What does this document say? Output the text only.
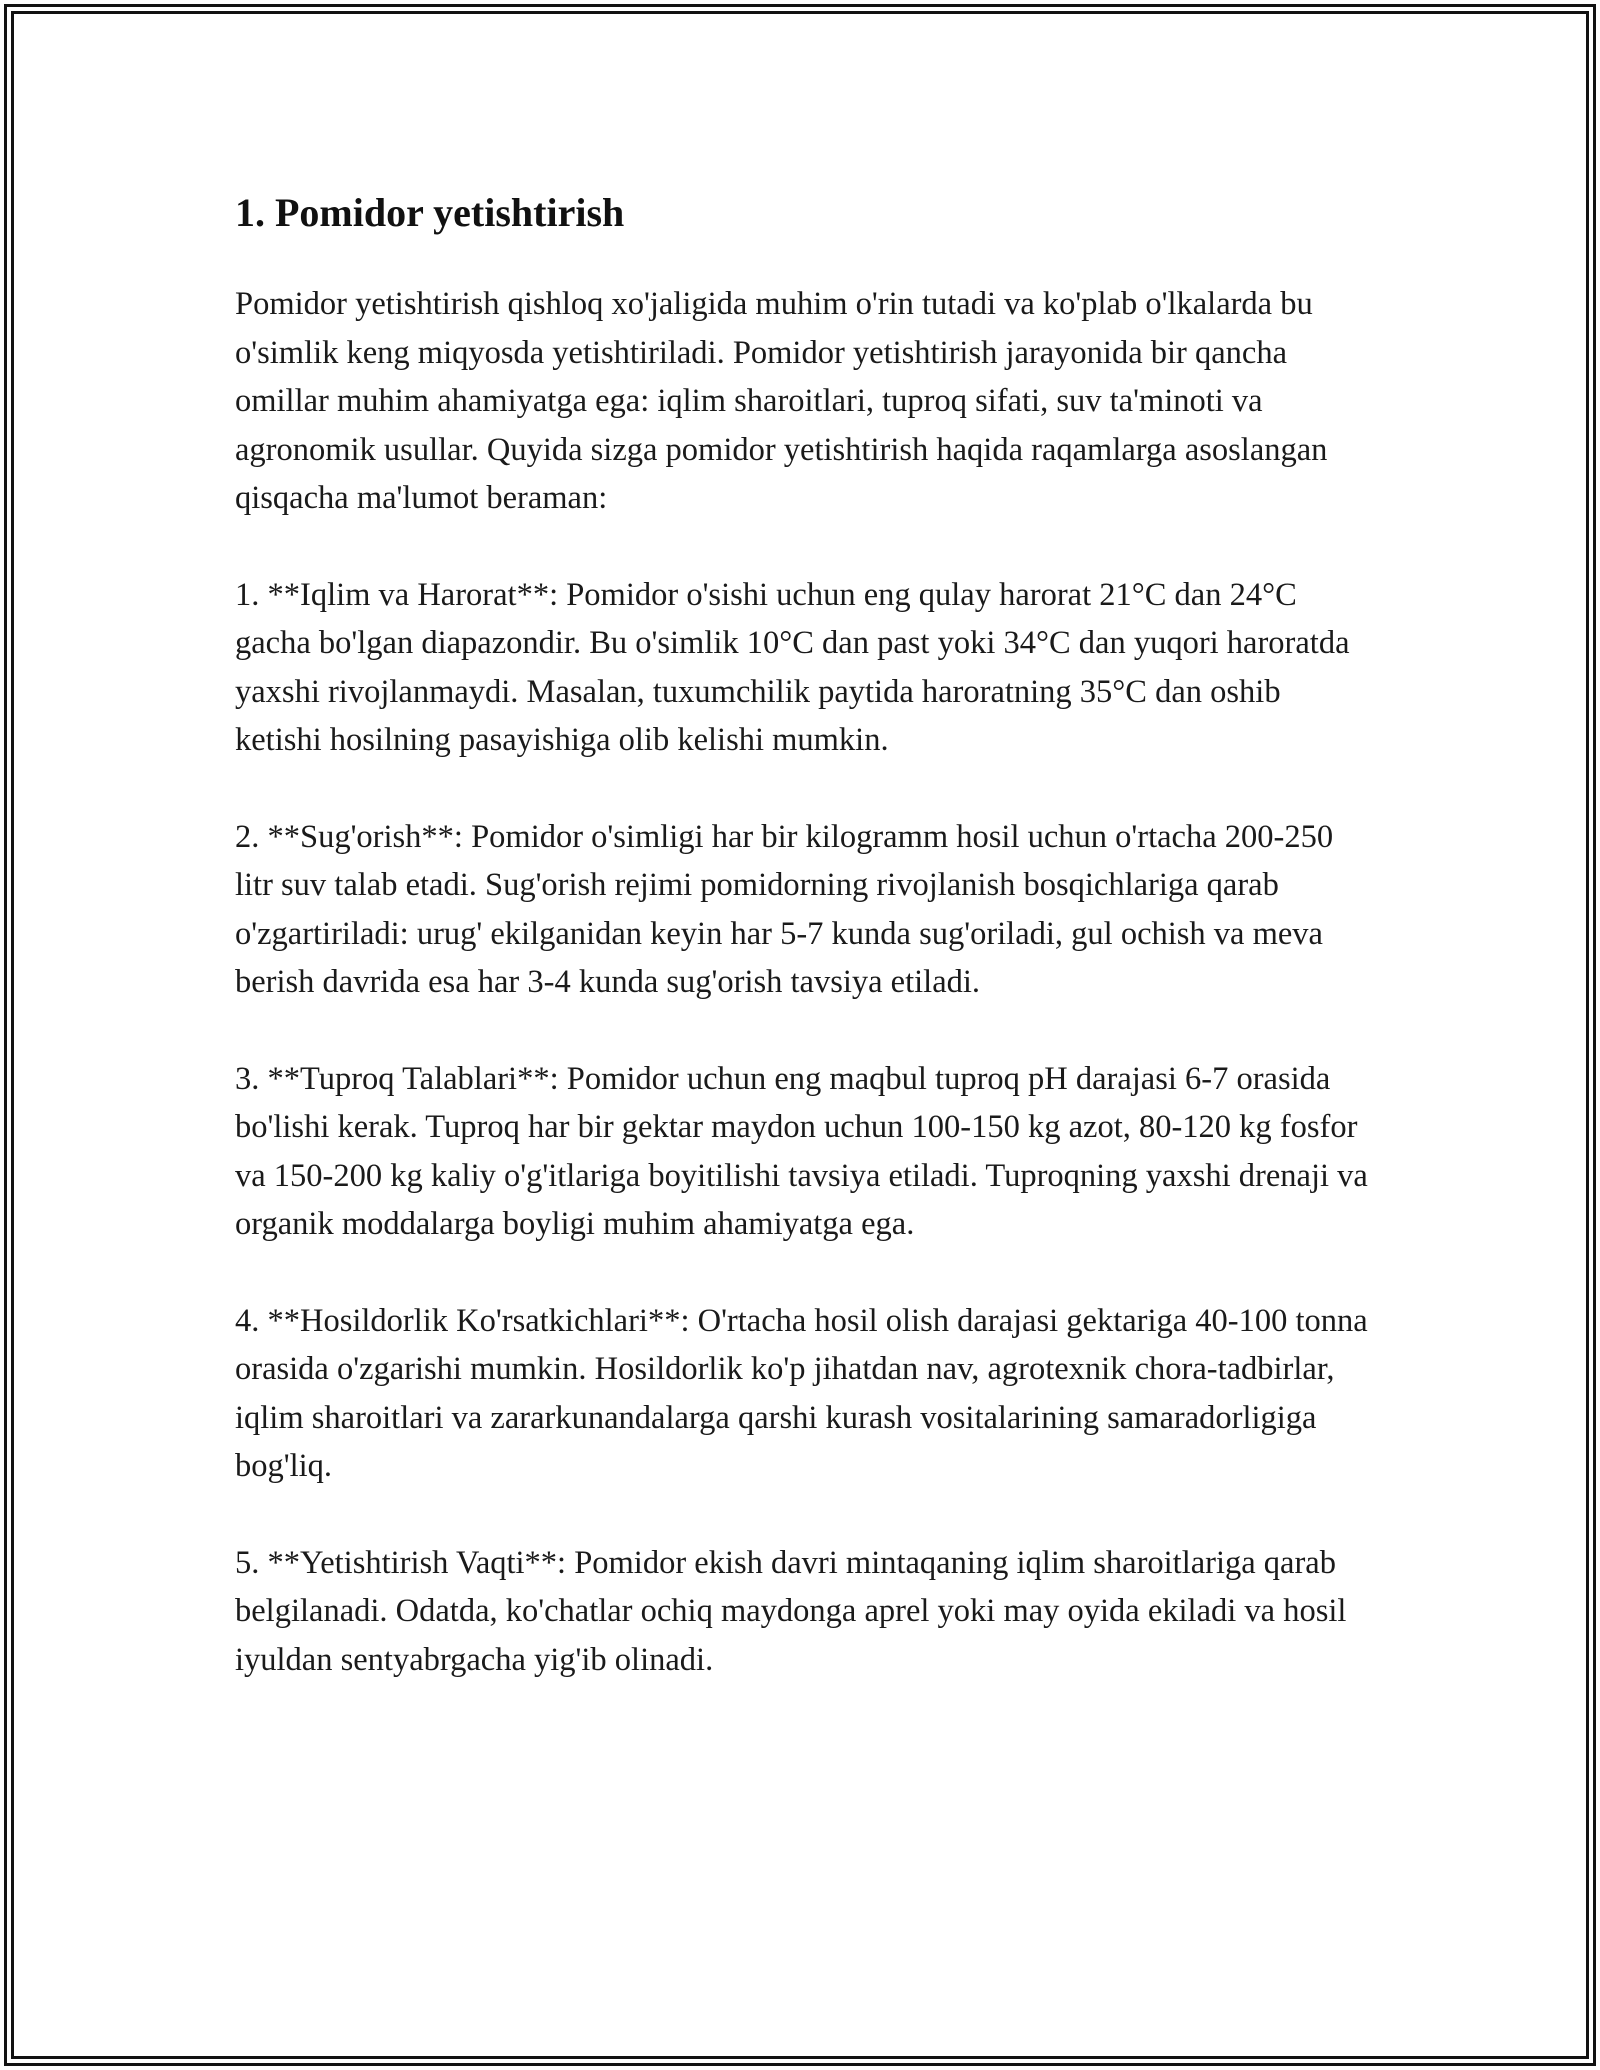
1. Pomidor yetishtirish

Pomidor yetishtirish qishloq xo'jaligida muhim o'rin tutadi va ko'plab o'lkalarda bu o'simlik keng miqyosda yetishtiriladi. Pomidor yetishtirish jarayonida bir qancha omillar muhim ahamiyatga ega: iqlim sharoitlari, tuproq sifati, suv ta'minoti va agronomik usullar. Quyida sizga pomidor yetishtirish haqida raqamlarga asoslangan qisqacha ma'lumot beraman:

1. **Iqlim va Harorat**: Pomidor o'sishi uchun eng qulay harorat 21°C dan 24°C gacha bo'lgan diapazondir. Bu o'simlik 10°C dan past yoki 34°C dan yuqori haroratda yaxshi rivojlanmaydi. Masalan, tuxumchilik paytida haroratning 35°C dan oshib ketishi hosilning pasayishiga olib kelishi mumkin.

2. **Sug'orish**: Pomidor o'simligi har bir kilogramm hosil uchun o'rtacha 200-250 litr suv talab etadi. Sug'orish rejimi pomidorning rivojlanish bosqichlariga qarab o'zgartiriladi: urug' ekilganidan keyin har 5-7 kunda sug'oriladi, gul ochish va meva berish davrida esa har 3-4 kunda sug'orish tavsiya etiladi.

3. **Tuproq Talablari**: Pomidor uchun eng maqbul tuproq pH darajasi 6-7 orasida bo'lishi kerak. Tuproq har bir gektar maydon uchun 100-150 kg azot, 80-120 kg fosfor va 150-200 kg kaliy o'g'itlariga boyitilishi tavsiya etiladi. Tuproqning yaxshi drenaji va organik moddalarga boyligi muhim ahamiyatga ega.

4. **Hosildorlik Ko'rsatkichlari**: O'rtacha hosil olish darajasi gektariga 40-100 tonna orasida o'zgarishi mumkin. Hosildorlik ko'p jihatdan nav, agrotexnik chora-tadbirlar, iqlim sharoitlari va zararkunandalarga qarshi kurash vositalarining samaradorligiga bog'liq.

5. **Yetishtirish Vaqti**: Pomidor ekish davri mintaqaning iqlim sharoitlariga qarab belgilanadi. Odatda, ko'chatlar ochiq maydonga aprel yoki may oyida ekiladi va hosil iyuldan sentyabrgacha yig'ib olinadi.
